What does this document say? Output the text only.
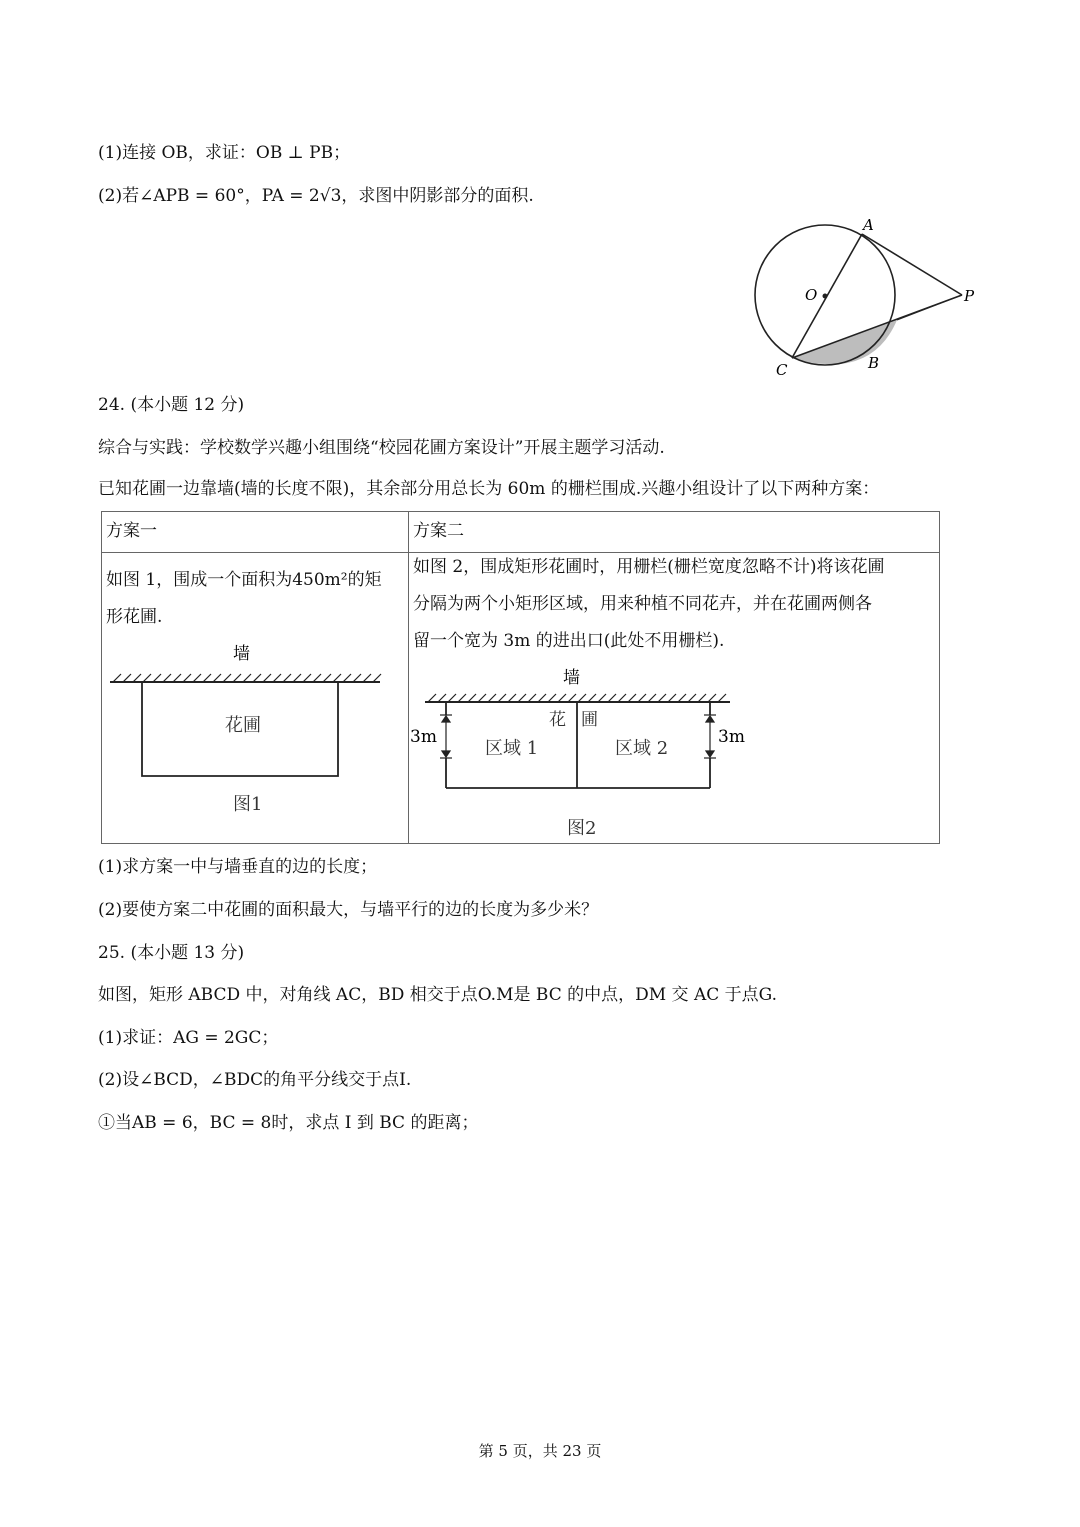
(1)连接 OB，求证：OB ⊥ PB；
(2)若∠APB = 60°，PA = 2√3，求图中阴影部分的面积.
A
O	P
C	B
24. (本小题 12 分)
综合与实践：学校数学兴趣小组围绕“校园花圃方案设计”开展主题学习活动.
已知花圃一边靠墙(墙的长度不限)，其余部分用总长为 60m 的栅栏围成.兴趣小组设计了以下两种方案：
方案一	方案二
如图 1，围成一个面积为450m²的矩
形花圃.
如图 2，围成矩形花圃时，用栅栏(栅栏宽度忽略不计)将该花圃
分隔为两个小矩形区域，用来种植不同花卉，并在花圃两侧各
留一个宽为 3m 的进出口(此处不用栅栏).
墙
花圃
图1
墙
3m	3m
花 圃
区域 1	区域 2
图2
(1)求方案一中与墙垂直的边的长度；
(2)要使方案二中花圃的面积最大，与墙平行的边的长度为多少米？
25. (本小题 13 分)
如图，矩形 ABCD 中，对角线 AC，BD 相交于点O.M是 BC 的中点，DM 交 AC 于点G.
(1)求证：AG = 2GC；
(2)设∠BCD，∠BDC的角平分线交于点I.
①当AB = 6，BC = 8时，求点 I 到 BC 的距离；
第 5 页，共 23 页
